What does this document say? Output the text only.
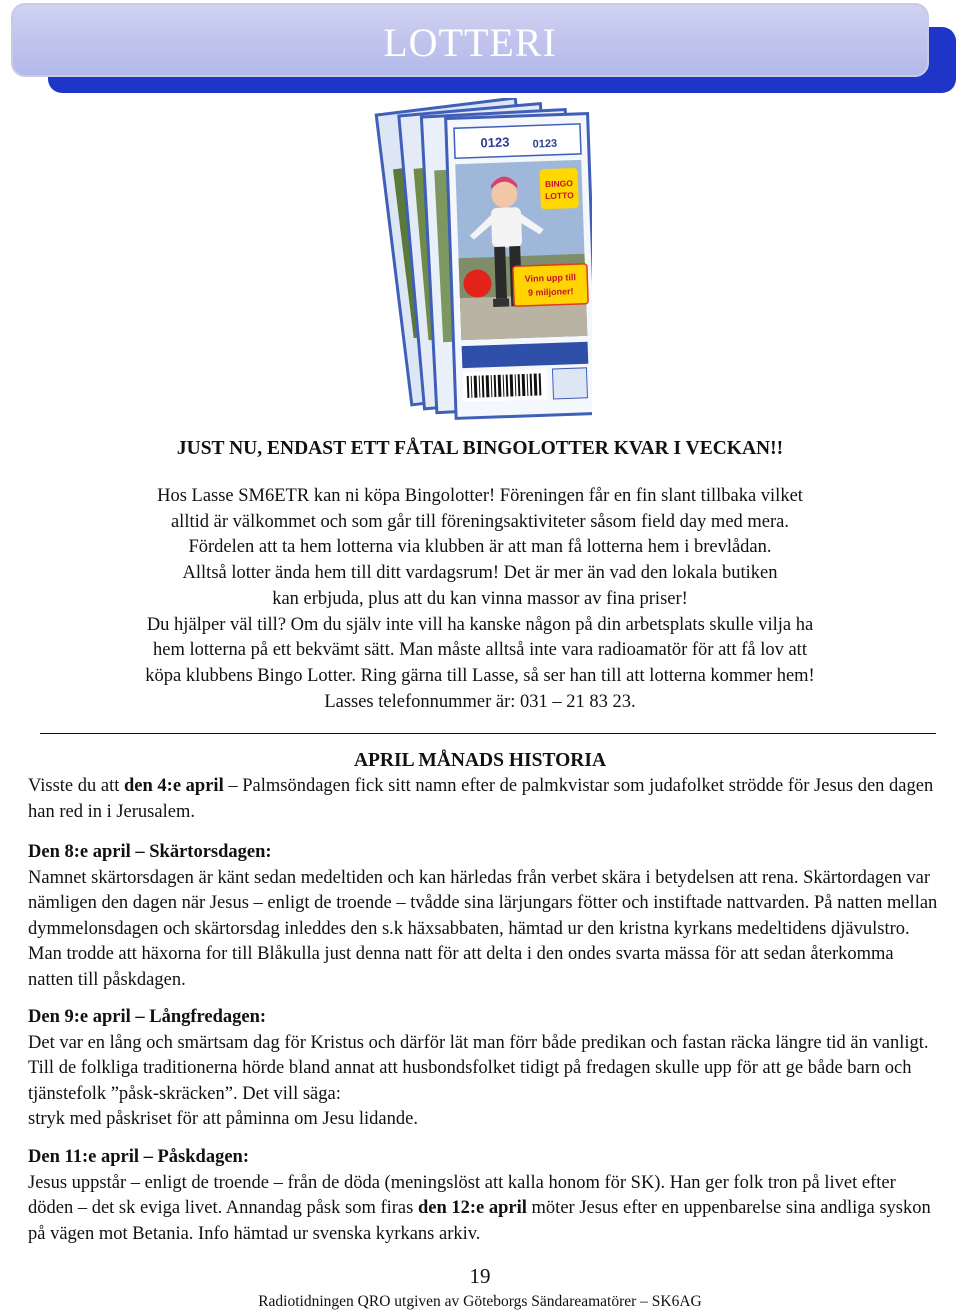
LOTTERI
0123 0123
BINGO
LOTTO
Vinn upp till
9 miljoner!
JUST NU, ENDAST ETT FÅTAL BINGOLOTTER KVAR I VECKAN!!
Hos Lasse SM6ETR kan ni köpa Bingolotter! Föreningen får en fin slant tillbaka vilket
alltid är välkommet och som går till föreningsaktiviteter såsom field day med mera.
Fördelen att ta hem lotterna via klubben är att man få lotterna hem i brevlådan.
Alltså lotter ända hem till ditt vardagsrum! Det är mer än vad den lokala butiken
kan erbjuda, plus att du kan vinna massor av fina priser!
Du hjälper väl till? Om du själv inte vill ha kanske någon på din arbetsplats skulle vilja ha
hem lotterna på ett bekvämt sätt. Man måste alltså inte vara radioamatör för att få lov att
köpa klubbens Bingo Lotter. Ring gärna till Lasse, så ser han till att lotterna kommer hem!
Lasses telefonnummer är: 031 – 21 83 23.
APRIL MÅNADS HISTORIA

Visste du att den 4:e april – Palmsöndagen fick sitt namn efter de palmkvistar som judafolket strödde för Jesus den dagen han red in i Jerusalem.

Den 8:e april – Skärtorsdagen:

Namnet skärtorsdagen är känt sedan medeltiden och kan härledas från verbet skära i betydelsen att rena. Skärtordagen var nämligen den dagen när Jesus – enligt de troende – tvådde sina lärjungars fötter och instiftade nattvarden. På natten mellan dymmelonsdagen och skärtorsdag inleddes den s.k häxsabbaten, hämtad ur den kristna kyrkans medeltidens djävulstro. Man trodde att häxorna for till Blåkulla just denna natt för att delta i den ondes svarta mässa för att sedan återkomma natten till påskdagen.

Den 9:e april – Långfredagen:

Det var en lång och smärtsam dag för Kristus och därför lät man förr både predikan och fastan räcka längre tid än vanligt. Till de folkliga traditionerna hörde bland annat att husbondsfolket tidigt på fredagen skulle upp för att ge både barn och tjänstefolk ”påsk-skräcken”. Det vill säga:

stryk med påskriset för att påminna om Jesu lidande.

Den 11:e april – Påskdagen:

Jesus uppstår – enligt de troende – från de döda (meningslöst att kalla honom för SK). Han ger folk tron på livet efter döden – det sk eviga livet. Annandag påsk som firas den 12:e april möter Jesus efter en uppenbarelse sina andliga syskon på vägen mot Betania. Info hämtad ur svenska kyrkans arkiv.

19
Radiotidningen QRO utgiven av Göteborgs Sändareamatörer – SK6AG
